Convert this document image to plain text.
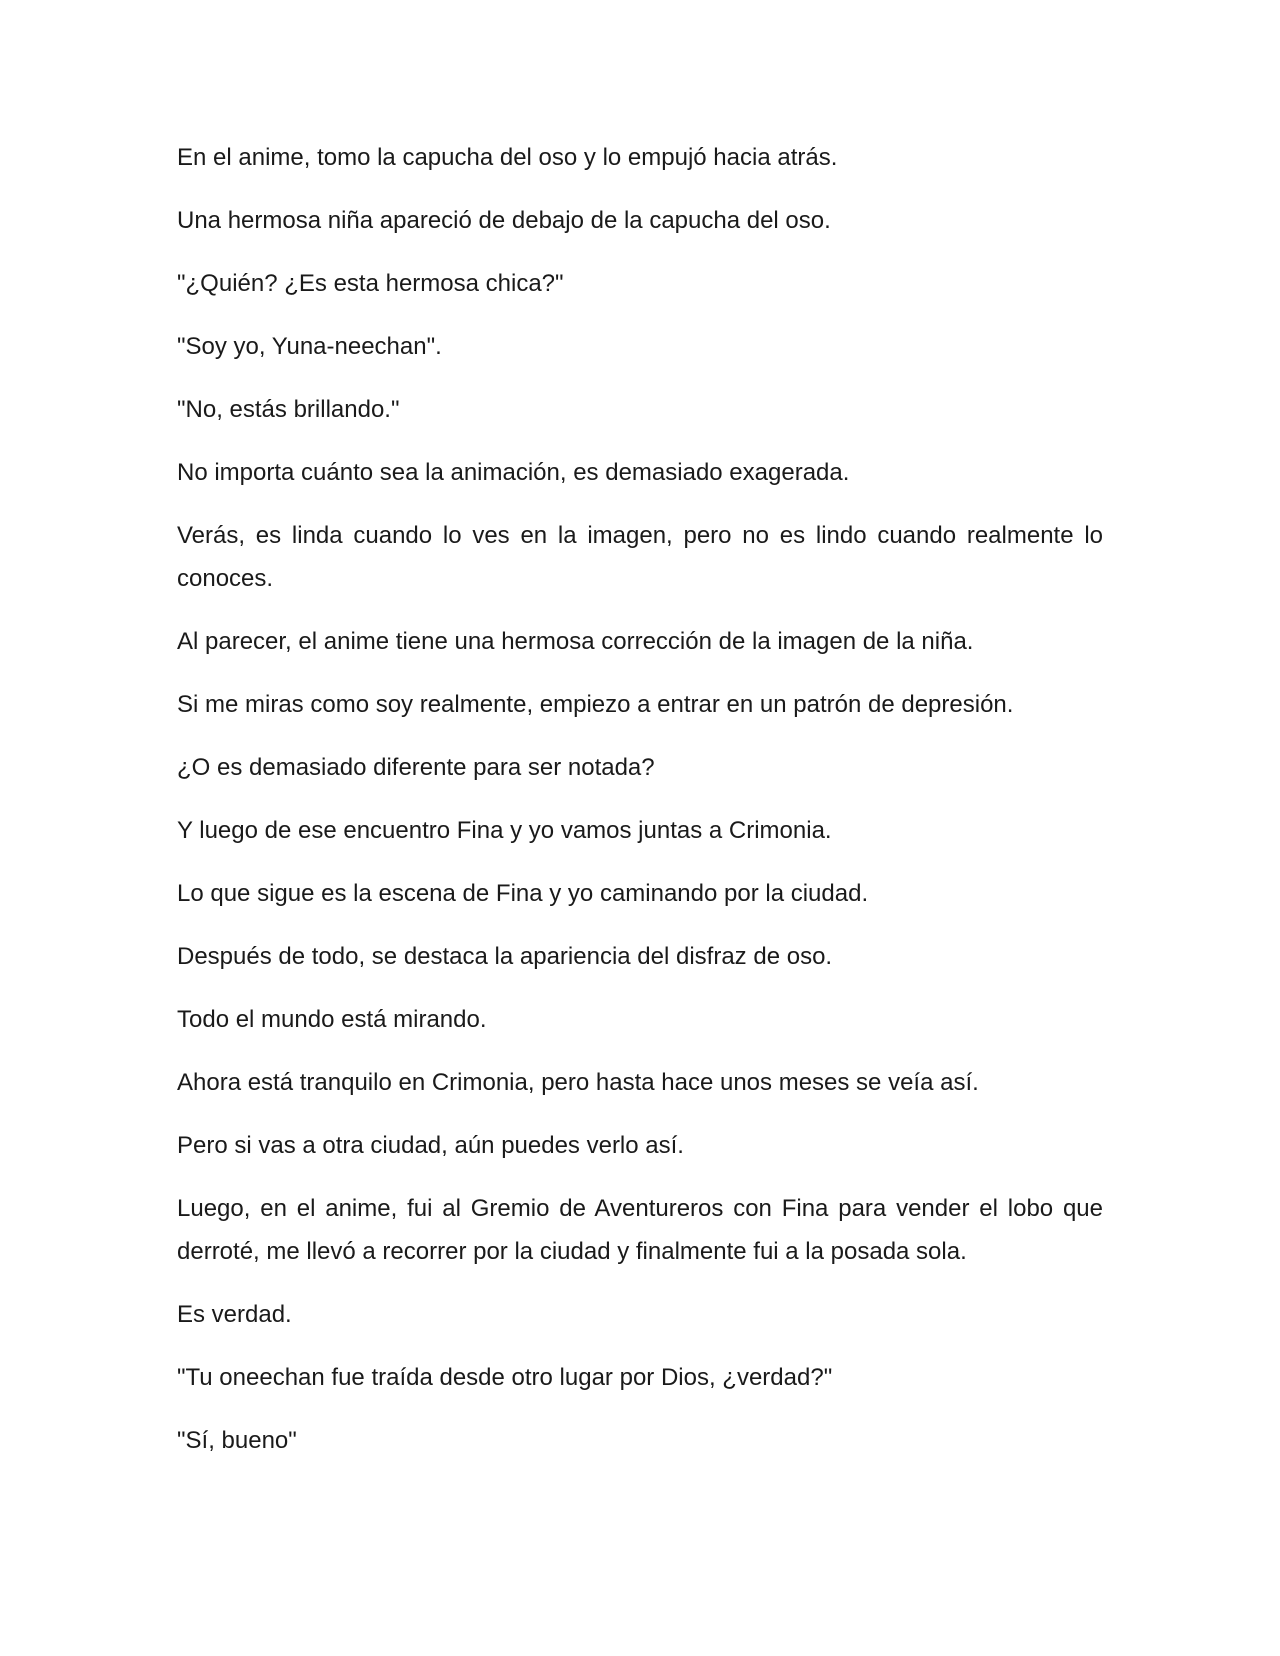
En el anime, tomo la capucha del oso y lo empujó hacia atrás.

Una hermosa niña apareció de debajo de la capucha del oso.

"¿Quién? ¿Es esta hermosa chica?"

"Soy yo, Yuna-neechan".

"No, estás brillando."

No importa cuánto sea la animación, es demasiado exagerada.

Verás, es linda cuando lo ves en la imagen, pero no es lindo cuando realmente lo conoces.

Al parecer, el anime tiene una hermosa corrección de la imagen de la niña.

Si me miras como soy realmente, empiezo a entrar en un patrón de depresión.

¿O es demasiado diferente para ser notada?

Y luego de ese encuentro Fina y yo vamos juntas a Crimonia.

Lo que sigue es la escena de Fina y yo caminando por la ciudad.

Después de todo, se destaca la apariencia del disfraz de oso.

Todo el mundo está mirando.

Ahora está tranquilo en Crimonia, pero hasta hace unos meses se veía así.

Pero si vas a otra ciudad, aún puedes verlo así.

Luego, en el anime, fui al Gremio de Aventureros con Fina para vender el lobo que derroté, me llevó a recorrer por la ciudad y finalmente fui a la posada sola.

Es verdad.

"Tu oneechan fue traída desde otro lugar por Dios, ¿verdad?"

"Sí, bueno"
